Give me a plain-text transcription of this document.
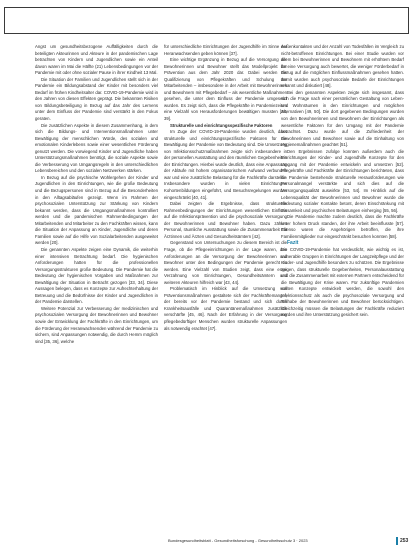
Angst um gesundheitsbezogene Auffälligkeiten durch die beteiligten Akteurinnen und Akteure in der pandemischen Lage betrachten von Kindern und Jugendlichen sowie ein Anteil davon waren im Mai die Hälfte (21) Lebensbedingungen vor der Pandemie mit oder ohne sozialer Pause in ihrer Kindheit 13 Mal.

Die Situation der Familien und Jugendlichen stellt sich in der Pandemie ein Bildungsabstand der Kinder mit besonders viel Bedarf im frühen Kindheitsalter dar. COVID-19-Pandemie wird in den Jahren von diesen Effekten geprägt. Die bekannten Risiken von Bildungsbeteiligung in Bezug auf das Jahr des Lernens unter dem Einfluss der Pandemie sind verstärkt in den Fokus geraten.

Die zusätzlichen Aspekte in diesem Zusammenhang, in dem sich die Bildungs- und Interventionsmaßnahmen unter Bewältigung der menschlichen Würde, des sozialen und emotionalen Kinderlebens sowie einer wesentlichen Förderung genutzt werden. Die vorwiegend Kinder und Jugendliche haben Unterstützungsmaßnahmen benötigt, die soziale Aspekte sowie die Verbesserung von Umgangsregeln in den unterschiedlichen Lebensbereichen und den sozialen Netzwerken stärken.

In Bezug auf die psychische Wohlergehen der Kinder und Jugendlichen in den Einrichtungen, wie die große Bedeutung und die Bezugspersonen sind in Bezug auf die Besonderheiten in den Alltagsabläufen gezeigt. Wenn im Rahmen der psychosozialen Unterstützung zur Stärkung von Kindern bekannt werden, dass die Umgangsmaßnahmen kontrolliert werden und die pandemischen Rahmenbedingungen der Mitarbeitenden und Mitarbeiter zu den Fachkräften wissen, kann die Situation der Anpassung an Kinder, Jugendliche und deren Familien sowie auf die Hilfe von Sozialarbeitenden ausgeweitet werden [20].

Die genannten Aspekte zeigen eine Dynamik, die weiterhin einer intensiven Betrachtung bedarf. Die hygienischen Anforderungen hatten für die professionellen Versorgungsstrukturen große Bedeutung. Die Pandemie hat die Bedeutung der hygienischen Vorgaben und Maßnahmen zur Bewältigung der Situation in Betracht gezogen [33, 34]. Diese Aussagen belegen, dass es Konzepte zur Aufrechterhaltung der Betreuung und die Bedürfnisse der Kinder und Jugendlichen in der Pandemie darstellen.

Weitere Potenzial zur Verbesserung der medizinischen und psychosozialen Versorgung der Bewohnerinnen und Bewohner sowie der Entwicklung der Fachkräfte in den Einrichtungen, um die Förderung der Heranwachsenden während der Pandemie zu sichern, sind Anpassungen notwendig, die durch Hemm möglich sind [35, 36], welche

für unterschiedliche Einrichtungen der Jugendhilfe im Sinne der Heranwachsenden geben können [37].

Eine wichtige Ergänzung in Bezug auf die Versorgung der Bewohnerinnen und Bewohner stellt das Modellprojekt der Prävention aus dem Jahr 2020 dar. Dabei werden die Qualifizierung von Pflegekräften und Schulung der Mitarbeitenden – insbesondere in der Arbeit mit Bewohnerinnen und Bewohnern mit Pflegebedarf – als wesentliche Maßnahmen gesehen, die unter dem Einfluss der Pandemie umgesetzt wurden. Es zeigt sich, dass die Pflegekräfte in Pandemiezeiten eine Vielzahl von Herausforderungen bewältigen mussten [38, 39].

Strukturelle und einrichtungsspezifische Faktoren

Im Zuge der COVID-19-Pandemie wurden deutlich, dass strukturelle und einrichtungsspezifische Faktoren für die Bewältigung der Pandemie von Bedeutung sind. Die Umsetzung von Infektionsschutzmaßnahmen zeigte sich insbesondere in der personellen Ausstattung und den räumlichen Gegebenheiten der Einrichtungen. Hierbei wurde deutlich, dass eine Anpassung der Abläufe mit hohem organisatorischem Aufwand verbunden war und eine zusätzliche Belastung für die Fachkräfte darstellte. Insbesondere wurden in vielen Einrichtungen Kohortenbildungen eingeführt, und Besuchsregelungen wurden eingeschränkt [40, 41].

Dabei zeigten die Ergebnisse, dass strukturelle Rahmenbedingungen der Einrichtungen wesentlichen Einfluss auf die Infektionsprävention und die psychosoziale Versorgung der Bewohnerinnen und Bewohner haben. Dazu zählen Personal, räumliche Ausstattung sowie die Zusammenarbeit mit Ärztinnen und Ärzten und Gesundheitsämtern [42].

Gegenstand von Untersuchungen zu diesem Bereich ist die Frage, ob die Pflegeeinrichtungen in der Lage waren, den Anforderungen an die Versorgung der Bewohnerinnen und Bewohner unter den Bedingungen der Pandemie gerecht zu werden. Eine Vielzahl von Studien zeigt, dass eine enge Verzahnung von Einrichtungen, Gesundheitsämtern und weiteren Akteuren hilfreich war [43, 44].

Problematisch im Hinblick auf die Umsetzung von Präventionsmaßnahmen gestaltete sich der Fachkräftemangel, der bereits vor der Pandemie bestand und sich durch Krankheitsausfälle und Quarantänemaßnahmen zusätzlich verschärfte [45, 46]. Nach der Erfahrung in der Versorgung pflegebedürftiger Menschen wurden strukturelle Anpassungen als notwendig erachtet [47].

Außenkontakten und der Anzahl von Todesfällen im Vergleich zu nicht-betroffenen Einrichtungen. Bei einer Studie wurden vor allem bei Bewohnerinnen und Bewohnern mit erhöhtem Bedarf für eine Versorgung auch bewertet, die weniger Förderbedarf in Bezug auf die möglichen Einflussmaßnahmen gesehen hatten. Somit wurden auch psychosoziale Bedarfe der Einrichtungen erkannt und diskutiert [48].

Bei den genannten Aspekten zeigte sich insgesamt, dass sich die Frage nach einer persönlichen Gestaltung von Leben- und Wohnräumen in den Einrichtungen und möglichen Alternativen [49, 50]. Die dort gegebenen Bedingungen wurden von den Bewohnerinnen und Bewohnern der Einrichtungen als wesentliche Faktoren für den Umgang mit der Pandemie betrachtet. Dazu wurde auf die Zufriedenheit der Bewohnerinnen und Bewohner sowie auf die Einhaltung von Hygienemaßnahmen geachtet [51].

Den Ergebnissen zufolge konnten außerdem auch die Einrichtungen der Kinder- und Jugendhilfe Konzepte für den Umgang mit der Pandemie entwickeln und umsetzen [52]. Pflegekräfte und Fachkräfte der Einrichtungen berichteten, dass die Pandemie bestehende strukturelle Herausforderungen wie Personalmangel verstärkte und sich dies auf die Versorgungsqualität auswirkte [53, 54]. Im Hinblick auf die Lebensqualität der Bewohnerinnen und Bewohner wurde die Bedeutung sozialer Kontakte betont, deren Einschränkung mit Einsamkeit und psychischen Belastungen einherging [55, 56].

Die Pandemie machte zudem deutlich, dass die Fachkräfte unter hohem Druck standen, der ihre Arbeit beeinflusste [57]. Ebenso waren die Angehörigen betroffen, die ihre Familienmitglieder nur eingeschränkt besuchen konnten [58].

Fazit

Die COVID-19-Pandemie hat verdeutlicht, wie wichtig es ist, vulnerable Gruppen in Einrichtungen der Langzeitpflege und der Kinder- und Jugendhilfe besonders zu schützen. Die Ergebnisse zeigen, dass strukturelle Gegebenheiten, Personalausstattung und die Zusammenarbeit mit externen Partnern entscheidend für die Bewältigung der Krise waren. Für zukünftige Pandemien sollten Konzepte entwickelt werden, die sowohl den Infektionsschutz als auch die psychosoziale Versorgung und Teilhabe der Bewohnerinnen und Bewohner berücksichtigen. Gleichzeitig müssen die Belastungen der Fachkräfte reduziert werden und ihre Unterstützung gesichert sein.

Bundesgesundheitsblatt - Gesundheitsforschung - Gesundheitsschutz 3 · 2023	253
